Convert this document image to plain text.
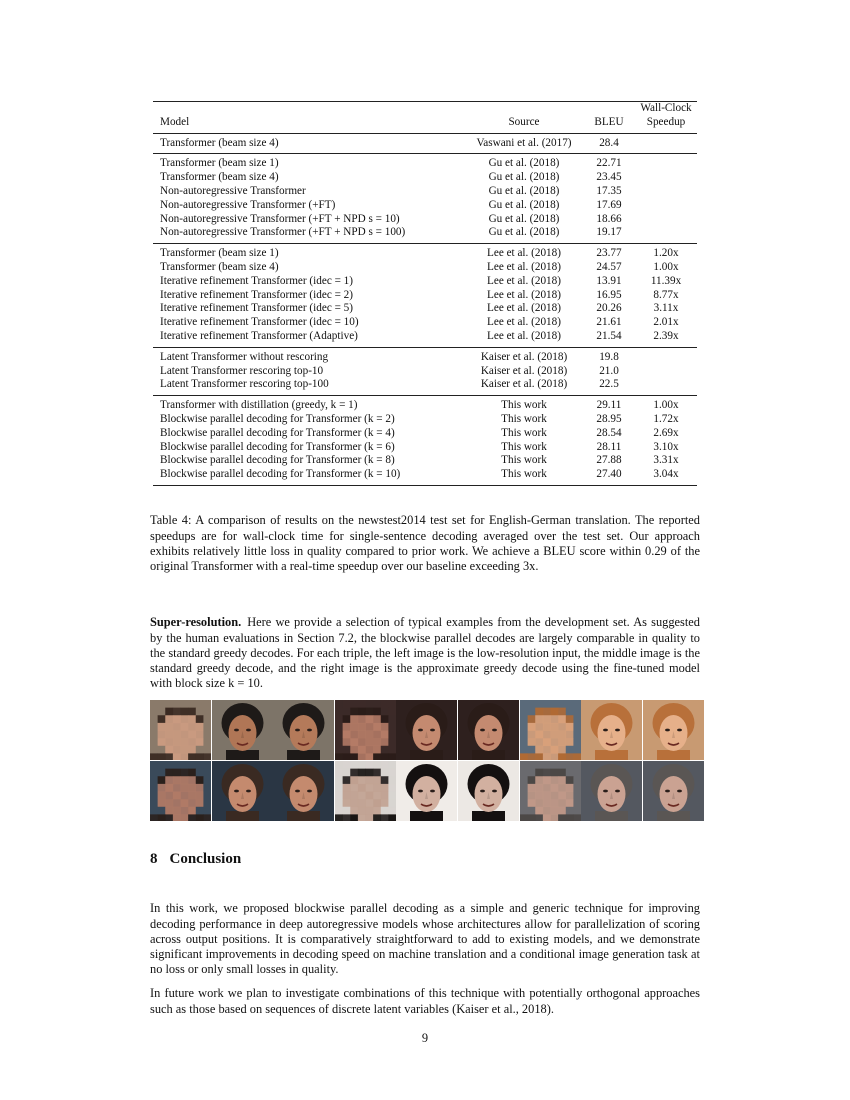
Model	Source	BLEU	Wall-Clock
Speedup
Transformer (beam size 4)	Vaswani et al. (2017)	28.4	
Transformer (beam size 1)	Gu et al. (2018)	22.71	
Transformer (beam size 4)	Gu et al. (2018)	23.45	
Non-autoregressive Transformer	Gu et al. (2018)	17.35	
Non-autoregressive Transformer (+FT)	Gu et al. (2018)	17.69	
Non-autoregressive Transformer (+FT + NPD s = 10)	Gu et al. (2018)	18.66	
Non-autoregressive Transformer (+FT + NPD s = 100)	Gu et al. (2018)	19.17	
Transformer (beam size 1)	Lee et al. (2018)	23.77	1.20x
Transformer (beam size 4)	Lee et al. (2018)	24.57	1.00x
Iterative refinement Transformer (idec = 1)	Lee et al. (2018)	13.91	11.39x
Iterative refinement Transformer (idec = 2)	Lee et al. (2018)	16.95	8.77x
Iterative refinement Transformer (idec = 5)	Lee et al. (2018)	20.26	3.11x
Iterative refinement Transformer (idec = 10)	Lee et al. (2018)	21.61	2.01x
Iterative refinement Transformer (Adaptive)	Lee et al. (2018)	21.54	2.39x
Latent Transformer without rescoring	Kaiser et al. (2018)	19.8	
Latent Transformer rescoring top-10	Kaiser et al. (2018)	21.0	
Latent Transformer rescoring top-100	Kaiser et al. (2018)	22.5	
Transformer with distillation (greedy, k = 1)	This work	29.11	1.00x
Blockwise parallel decoding for Transformer (k = 2)	This work	28.95	1.72x
Blockwise parallel decoding for Transformer (k = 4)	This work	28.54	2.69x
Blockwise parallel decoding for Transformer (k = 6)	This work	28.11	3.10x
Blockwise parallel decoding for Transformer (k = 8)	This work	27.88	3.31x
Blockwise parallel decoding for Transformer (k = 10)	This work	27.40	3.04x

Table 4: A comparison of results on the newstest2014 test set for English-German translation. The reported speedups are for wall-clock time for single-sentence decoding averaged over the test set. Our approach exhibits relatively little loss in quality compared to prior work. We achieve a BLEU score within 0.29 of the original Transformer with a real-time speedup over our baseline exceeding 3x.

Super-resolution. Here we provide a selection of typical examples from the development set. As suggested by the human evaluations in Section 7.2, the blockwise parallel decodes are largely comparable in quality to the standard greedy decodes. For each triple, the left image is the low-resolution input, the middle image is the standard greedy decode, and the right image is the approximate greedy decode using the fine-tuned model with block size k = 10.

8 Conclusion

In this work, we proposed blockwise parallel decoding as a simple and generic technique for improving decoding performance in deep autoregressive models whose architectures allow for parallelization of scoring across output positions. It is comparatively straightforward to add to existing models, and we demonstrate significant improvements in decoding speed on machine translation and a conditional image generation task at no loss or only small losses in quality.

In future work we plan to investigate combinations of this technique with potentially orthogonal approaches such as those based on sequences of discrete latent variables (Kaiser et al., 2018).

9
